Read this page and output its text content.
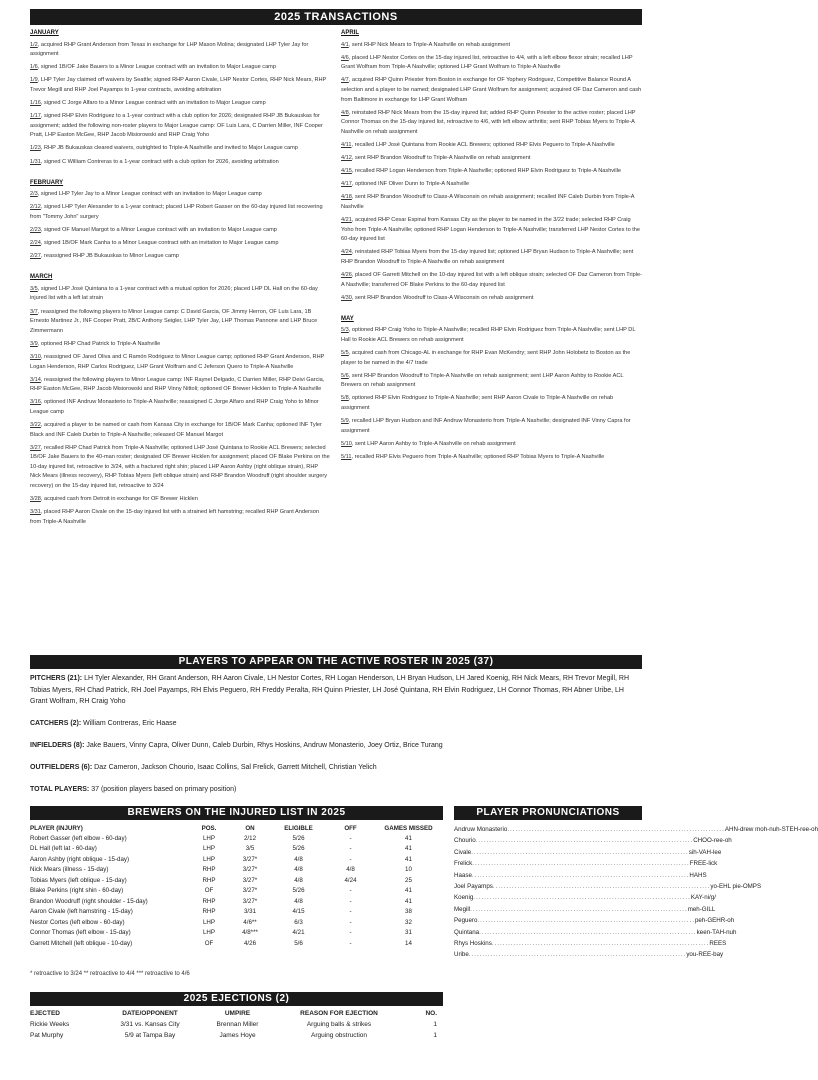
2025 TRANSACTIONS
JANUARY

1/2, acquired RHP Grant Anderson from Texas in exchange for LHP Mason Molina; designated LHP Tyler Jay for assignment

1/6, signed 1B/OF Jake Bauers to a Minor League contract with an invitation to Major League camp

1/9, LHP Tyler Jay claimed off waivers by Seattle; signed RHP Aaron Civale, LHP Nestor Cortes, RHP Nick Mears, RHP Trevor Megill and RHP Joel Payamps to 1-year contracts, avoiding arbitration

1/16, signed C Jorge Alfaro to a Minor League contract with an invitation to Major League camp

1/17, signed RHP Elvin Rodriguez to a 1-year contract with a club option for 2026; designated RHP JB Bukauskas for assignment; added the following non-roster players to Major League camp: OF Luis Lara, C Darrien Miller, INF Cooper Pratt, LHP Easton McGee, RHP Jacob Misiorowski and RHP Craig Yoho

1/23, RHP JB Bukauskas cleared waivers, outrighted to Triple-A Nashville and invited to Major League camp

1/31, signed C William Contreras to a 1-year contract with a club option for 2026, avoiding arbitration

FEBRUARY

2/3, signed LHP Tyler Jay to a Minor League contract with an invitation to Major League camp

2/12, signed LHP Tyler Alexander to a 1-year contract; placed LHP Robert Gasser on the 60-day injured list recovering from "Tommy John" surgery

2/23, signed OF Manuel Margot to a Minor League contract with an invitation to Major League camp

2/24, signed 1B/OF Mark Canha to a Minor League contract with an invitation to Major League camp

2/27, reassigned RHP JB Bukauskas to Minor League camp

MARCH

3/5, signed LHP José Quintana to a 1-year contract with a mutual option for 2026; placed LHP DL Hall on the 60-day injured list with a left lat strain

3/7, reassigned the following players to Minor League camp: C David Garcia, OF Jimmy Herron, OF Luis Lara, 1B Ernesto Martinez Jr., INF Cooper Pratt, 2B/C Anthony Seigler, LHP Tyler Jay, LHP Thomas Pannone and LHP Bruce Zimmermann

3/9, optioned RHP Chad Patrick to Triple-A Nashville

3/10, reassigned OF Jared Oliva and C Ramón Rodriguez to Minor League camp; optioned RHP Grant Anderson, RHP Logan Henderson, RHP Carlos Rodriguez, LHP Grant Wolfram and C Jeferson Quero to Triple-A Nashville

3/14, reassigned the following players to Minor League camp: INF Raynel Delgado, C Darrien Miller, RHP Deivi Garcia, RHP Easton McGee, RHP Jacob Misiorowski and RHP Vinny Nittoli; optioned OF Brewer Hicklen to Triple-A Nashville

3/16, optioned INF Andruw Monasterio to Triple-A Nashville; reassigned C Jorge Alfaro and RHP Craig Yoho to Minor League camp

3/22, acquired a player to be named or cash from Kansas City in exchange for 1B/OF Mark Canha; optioned INF Tyler Black and INF Caleb Durbin to Triple-A Nashville; released OF Manuel Margot

3/27, recalled RHP Chad Patrick from Triple-A Nashville; optioned LHP José Quintana to Rookie ACL Brewers; selected 1B/OF Jake Bauers to the 40-man roster; designated OF Brewer Hicklen for assignment; placed OF Blake Perkins on the 10-day injured list, retroactive to 3/24, with a fractured right shin; placed LHP Aaron Ashby (right oblique strain), RHP Nick Mears (illness recovery), RHP Tobias Myers (left oblique strain) and RHP Brandon Woodruff (right shoulder surgery recovery) on the 15-day injured list, retroactive to 3/24

3/28, acquired cash from Detroit in exchange for OF Brewer Hicklen

3/31, placed RHP Aaron Civale on the 15-day injured list with a strained left hamstring; recalled RHP Grant Anderson from Triple-A Nashville

APRIL

4/1, sent RHP Nick Mears to Triple-A Nashville on rehab assignment

4/6, placed LHP Nestor Cortes on the 15-day injured list, retroactive to 4/4, with a left elbow flexor strain; recalled LHP Grant Wolfram from Triple-A Nashville; optioned LHP Grant Wolfram to Triple-A Nashville

4/7, acquired RHP Quinn Priester from Boston in exchange for OF Yophery Rodriguez, Competitive Balance Round A selection and a player to be named; designated LHP Grant Wolfram for assignment; acquired OF Daz Cameron and cash from Baltimore in exchange for LHP Grant Wolfram

4/8, reinstated RHP Nick Mears from the 15-day injured list; added RHP Quinn Priester to the active roster; placed LHP Connor Thomas on the 15-day injured list, retroactive to 4/6, with left elbow arthritis; sent RHP Tobias Myers to Triple-A Nashville on rehab assignment

4/11, recalled LHP José Quintana from Rookie ACL Brewers; optioned RHP Elvis Peguero to Triple-A Nashville

4/12, sent RHP Brandon Woodruff to Triple-A Nashville on rehab assignment

4/15, recalled RHP Logan Henderson from Triple-A Nashville; optioned RHP Elvin Rodriguez to Triple-A Nashville

4/17, optioned INF Oliver Dunn to Triple-A Nashville

4/18, sent RHP Brandon Woodruff to Class-A Wisconsin on rehab assignment; recalled INF Caleb Durbin from Triple-A Nashville

4/21, acquired RHP Cesar Espinal from Kansas City as the player to be named in the 3/22 trade; selected RHP Craig Yoho from Triple-A Nashville; optioned RHP Logan Henderson to Triple-A Nashville; transferred LHP Nestor Cortes to the 60-day injured list

4/24, reinstated RHP Tobias Myers from the 15-day injured list; optioned LHP Bryan Hudson to Triple-A Nashville; sent RHP Brandon Woodruff to Triple-A Nashville on rehab assignment

4/26, placed OF Garrett Mitchell on the 10-day injured list with a left oblique strain; selected OF Daz Cameron from Triple-A Nashville; transferred OF Blake Perkins to the 60-day injured list

4/30, sent RHP Brandon Woodruff to Class-A Wisconsin on rehab assignment

MAY

5/3, optioned RHP Craig Yoho to Triple-A Nashville; recalled RHP Elvin Rodriguez from Triple-A Nashville; sent LHP DL Hall to Rookie ACL Brewers on rehab assignment

5/5, acquired cash from Chicago-AL in exchange for RHP Evan McKendry; sent RHP John Holobetz to Boston as the player to be named in the 4/7 trade

5/6, sent RHP Brandon Woodruff to Triple-A Nashville on rehab assignment; sent LHP Aaron Ashby to Rookie ACL Brewers on rehab assignment

5/8, optioned RHP Elvin Rodriguez to Triple-A Nashville; sent RHP Aaron Civale to Triple-A Nashville on rehab assignment

5/9, recalled LHP Bryan Hudson and INF Andruw Monasterio from Triple-A Nashville; designated INF Vinny Capra for assignment

5/10, sent LHP Aaron Ashby to Triple-A Nashville on rehab assignment

5/11, recalled RHP Elvis Peguero from Triple-A Nashville; optioned RHP Tobias Myers to Triple-A Nashville

PLAYERS TO APPEAR ON THE ACTIVE ROSTER IN 2025 (37)

PITCHERS (21): LH Tyler Alexander, RH Grant Anderson, RH Aaron Civale, LH Nestor Cortes, RH Logan Henderson, LH Bryan Hudson, LH Jared Koenig, RH Nick Mears, RH Trevor Megill, RH Tobias Myers, RH Chad Patrick, RH Joel Payamps, RH Elvis Peguero, RH Freddy Peralta, RH Quinn Priester, LH José Quintana, RH Elvin Rodriguez, LH Connor Thomas, RH Abner Uribe, LH Grant Wolfram, RH Craig Yoho

CATCHERS (2): William Contreras, Eric Haase

INFIELDERS (8): Jake Bauers, Vinny Capra, Oliver Dunn, Caleb Durbin, Rhys Hoskins, Andruw Monasterio, Joey Ortiz, Brice Turang

OUTFIELDERS (6): Daz Cameron, Jackson Chourio, Isaac Collins, Sal Frelick, Garrett Mitchell, Christian Yelich

TOTAL PLAYERS: 37 (position players based on primary position)

BREWERS ON THE INJURED LIST IN 2025
PLAYER (INJURY)	POS.	ON	ELIGIBLE	OFF	GAMES MISSED
Robert Gasser (left elbow - 60-day)	LHP	2/12	5/26	-	41
DL Hall (left lat - 60-day)	LHP	3/5	5/26	-	41
Aaron Ashby (right oblique - 15-day)	LHP	3/27*	4/8	-	41
Nick Mears (illness - 15-day)	RHP	3/27*	4/8	4/8	10
Tobias Myers (left oblique - 15-day)	RHP	3/27*	4/8	4/24	25
Blake Perkins (right shin - 60-day)	OF	3/27*	5/26	-	41
Brandon Woodruff (right shoulder - 15-day)	RHP	3/27*	4/8	-	41
Aaron Civale (left hamstring - 15-day)	RHP	3/31	4/15	-	38
Nestor Cortes (left elbow - 60-day)	LHP	4/6**	6/3	-	32
Connor Thomas (left elbow - 15-day)	LHP	4/8***	4/21	-	31
Garrett Mitchell (left oblique - 10-day)	OF	4/26	5/6	-	14
* retroactive to 3/24 ** retroactive to 4/4 *** retroactive to 4/6
PLAYER PRONUNCIATIONS
Andruw Monasterio ................................................................................ AHN-drew moh-nuh-STEH-ree-oh
Chourio ................................................................................ CHOO-ree-oh
Civale ................................................................................ sih-VAH-lee
Frelick ................................................................................ FREE-lick
Haase ................................................................................ HAHS
Joel Payamps ................................................................................ yo-EHL pie-OMPS
Koenig ................................................................................ KAY-ni/g/
Megill ................................................................................ meh-GILL
Peguero ................................................................................ peh-GEHR-oh
Quintana ................................................................................ keen-TAH-nuh
Rhys Hoskins ................................................................................ REES
Uribe ................................................................................ you-REE-bay
2025 EJECTIONS (2)
EJECTED	DATE/OPPONENT	UMPIRE	REASON FOR EJECTION	NO.
Rickie Weeks	3/31 vs. Kansas City	Brennan Miller	Arguing balls & strikes	1
Pat Murphy	5/9 at Tampa Bay	James Hoye	Arguing obstruction	1
